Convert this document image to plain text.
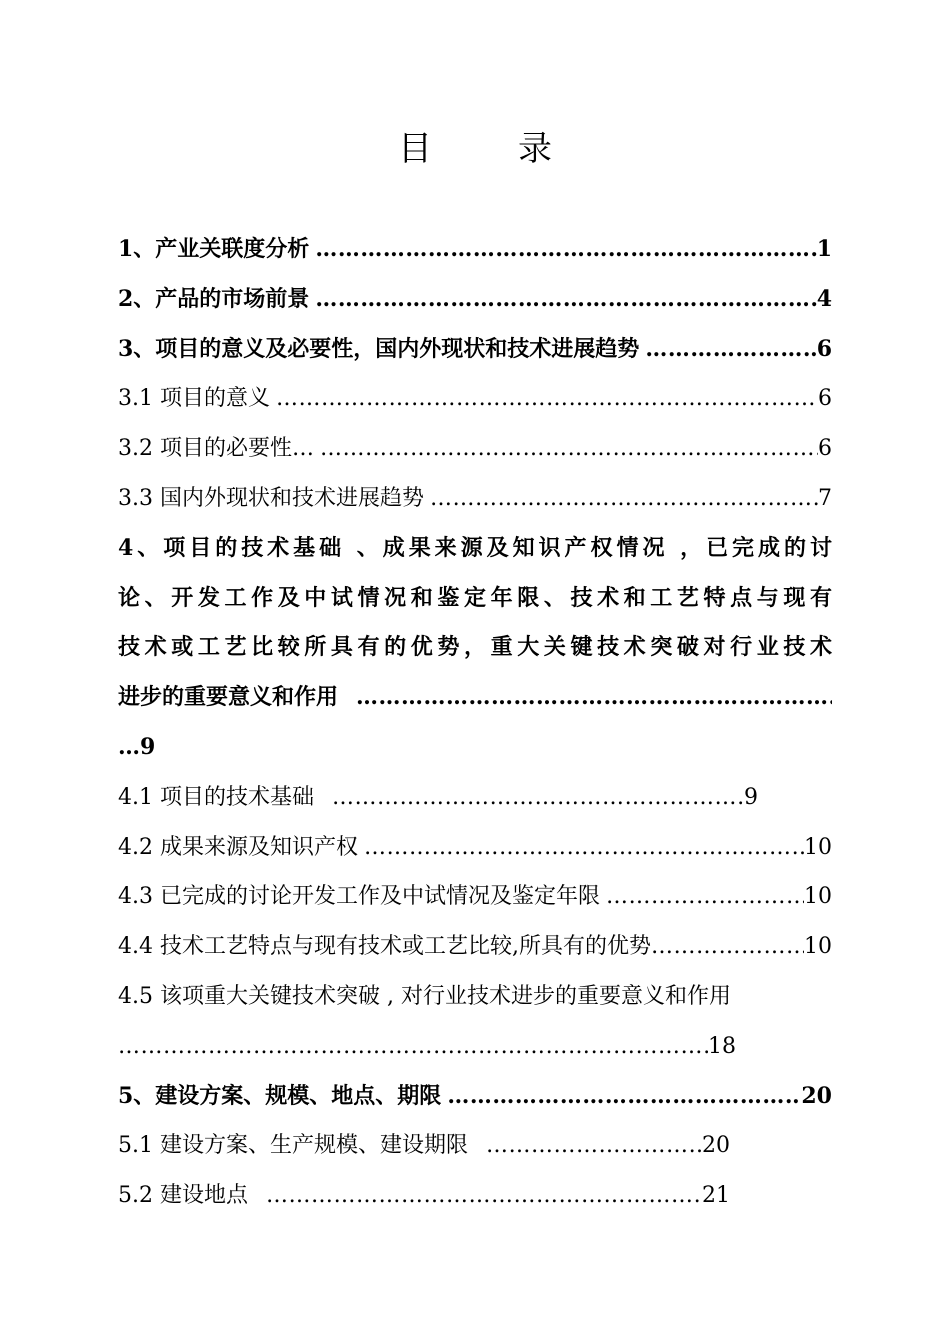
目	录
1、产业关联度分析 ……………………………………………………………………………………………………………………………………………………	1
2、产品的市场前景 ……………………………………………………………………………………………………………………………………………………	4
3、项目的意义及必要性，国内外现状和技术进展趋势 ……………………………………………………………………………………………………………………………………………………	6
3.1 项目的意义 ……………………………………………………………………………………………………………………………………………………	6
3.2 项目的必要性… ……………………………………………………………………………………………………………………………………………………	6
3.3 国内外现状和技术进展趋势 ……………………………………………………………………………………………………………………………………………………	7
4、项目的技术基础 、成果来源及知识产权情况 ，已完成的讨
论、开发工作及中试情况和鉴定年限、技术和工艺特点与现有
技术或工艺比较所具有的优势，重大关键技术突破对行业技术
进步的重要意义和作用
……………………………………………………………………………………………………………………………………………………
…9
4.1 项目的技术基础 ……………………………………………………………………………………………………………………………………………………	9
4.2 成果来源及知识产权 ……………………………………………………………………………………………………………………………………………………	10
4.3 已完成的讨论开发工作及中试情况及鉴定年限 ……………………………………………………………………………………………………………………………………………………	10
4.4 技术工艺特点与现有技术或工艺比较,所具有的优势 ……………………………………………………………………………………………………………………………………………………	10
4.5 该项重大关键技术突破 , 对行业技术进步的重要意义和作用
……………………………………………………………………………………………………………………………………………………
18
5、建设方案、规模、地点、期限 ……………………………………………………………………………………………………………………………………………………	20
5.1 建设方案、生产规模、建设期限 ……………………………………………………………………………………………………………………………………………………	20
5.2 建设地点 ……………………………………………………………………………………………………………………………………………………	21
